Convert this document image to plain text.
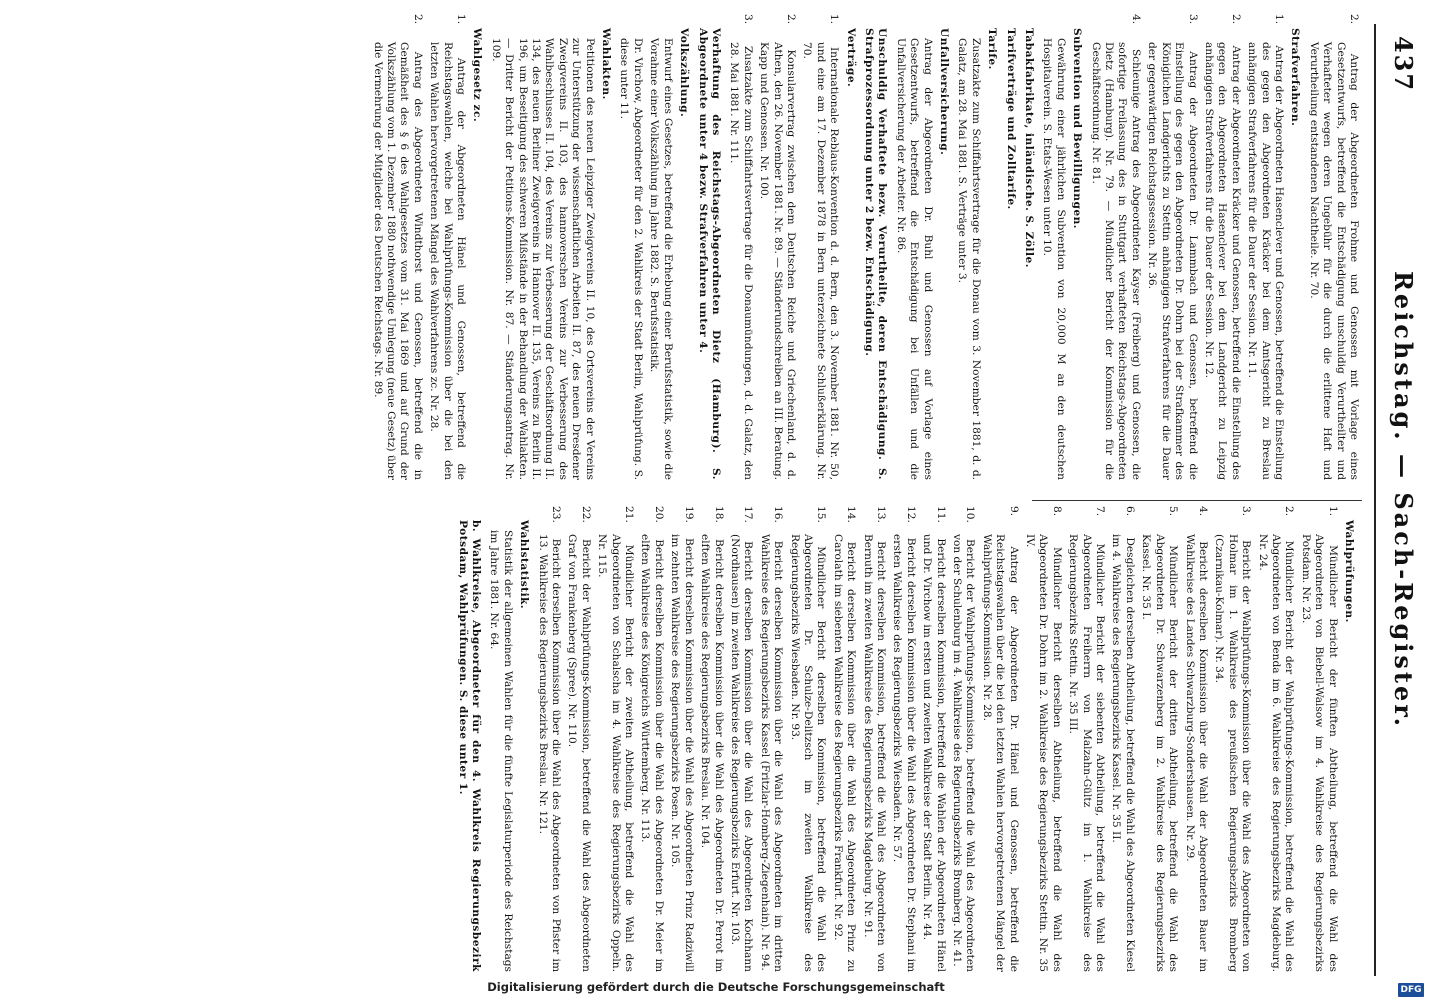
437
Reichstag. — Sach-Register.
Wahlprüfungen.
1. Mündlicher Bericht der fünften Abtheilung, betreffend die Wahl des Abgeordneten von Biebell-Walsow im 4. Wahlkreise des Regierungsbezirks Potsdam. Nr. 23.
2. Mündlicher Bericht der Wahlprüfungs-Kommission, betreffend die Wahl des Abgeordneten von Benda im 6. Wahlkreise des Regierungsbezirks Magdeburg. Nr. 24.
3. Bericht der Wahlprüfungs-Kommission über die Wahl des Abgeordneten von Holmar im 1. Wahlkreise des preußischen Regierungsbezirks Bromberg (Czarnikau-Kolmar). Nr. 34.
4. Bericht derselben Kommission über die Wahl der Abgeordneten Bauer im Wahlkreise des Landes Schwarzburg-Sondershausen. Nr. 29.
5. Mündlicher Bericht der dritten Abtheilung, betreffend die Wahl des Abgeordneten Dr. Schwarzenberg im 2. Wahlkreise des Regierungsbezirks Kassel. Nr. 35 I.
6. Desgleichen derselben Abtheilung, betreffend die Wahl des Abgeordneten Kiesel im 4. Wahlkreise des Regierungsbezirks Kassel. Nr. 35 II.
7. Mündlicher Bericht der siebenten Abtheilung, betreffend die Wahl des Abgeordneten Freiherrn von Malzahn-Gültz im 1. Wahlkreise des Regierungsbezirks Stettin. Nr. 35 III.
8. Mündlicher Bericht derselben Abtheilung, betreffend die Wahl des Abgeordneten Dr. Dohrn im 2. Wahlkreise des Regierungsbezirks Stettin. Nr. 35 IV.
9. Antrag der Abgeordneten Dr. Hänel und Genossen, betreffend die Reichstagswahlen über die bei den letzten Wahlen hervorgetretenen Mängel der Wahlprüfungs-Kommission. Nr. 28.
10. Bericht der Wahlprüfungs-Kommission, betreffend die Wahl des Abgeordneten von der Schulenburg im 4. Wahlkreise des Regierungsbezirks Bromberg. Nr. 41.
11. Bericht derselben Kommission, betreffend die Wahlen der Abgeordneten Hänel und Dr. Virchow im ersten und zweiten Wahlkreise der Stadt Berlin. Nr. 44.
12. Bericht derselben Kommission über die Wahl des Abgeordneten Dr. Stephani im ersten Wahlkreise des Regierungsbezirks Wiesbaden. Nr. 57.
13. Bericht derselben Kommission, betreffend die Wahl des Abgeordneten von Bernuth im zweiten Wahlkreise des Regierungsbezirks Magdeburg. Nr. 91.
14. Bericht derselben Kommission über die Wahl des Abgeordneten Prinz zu Carolath im siebenten Wahlkreise des Regierungsbezirks Frankfurt. Nr. 92.
15. Mündlicher Bericht derselben Kommission, betreffend die Wahl des Abgeordneten Dr. Schulze-Delitzsch im zweiten Wahlkreise des Regierungsbezirks Wiesbaden. Nr. 93.
16. Bericht derselben Kommission über die Wahl des Abgeordneten im dritten Wahlkreise des Regierungsbezirks Kassel (Fritzlar-Homberg-Ziegenhain). Nr. 94.
17. Bericht derselben Kommission über die Wahl des Abgeordneten Kochhann (Nordhausen) im zweiten Wahlkreise des Regierungsbezirks Erfurt. Nr. 103.
18. Bericht derselben Kommission über die Wahl des Abgeordneten Dr. Perrot im elften Wahlkreise des Regierungsbezirks Breslau. Nr. 104.
19. Bericht derselben Kommission über die Wahl des Abgeordneten Prinz Radziwill im zehnten Wahlkreise des Regierungsbezirks Posen. Nr. 105.
20. Bericht derselben Kommission über die Wahl des Abgeordneten Dr. Meier im elften Wahlkreise des Königreichs Württemberg. Nr. 113.
21. Mündlicher Bericht der zweiten Abtheilung, betreffend die Wahl des Abgeordneten von Schalscha im 4. Wahlkreise des Regierungsbezirks Oppeln. Nr. 115.
22. Bericht der Wahlprüfungs-Kommission, betreffend die Wahl des Abgeordneten Graf von Frankenberg (Spree). Nr. 110.
23. Bericht derselben Kommission über die Wahl des Abgeordneten von Pfister im 13. Wahlkreise des Regierungsbezirks Breslau. Nr. 121.
Wahlstatistik.
Statistik der allgemeinen Wahlen für die fünfte Legislaturperiode des Reichstags im Jahre 1881. Nr. 64.
b. Wahlkreise, Abgeordneter für den 4. Wahlkreis Regierungsbezirk Potsdam, Wahlprüfungen. S. diese unter 1.
2. Antrag der Abgeordneten Frohme und Genossen mit Vorlage eines Gesetzentwurfs, betreffend die Entschädigung unschuldig Verurtheilter und Verhafteter wegen deren Ungebühr für die durch die erlittene Haft und Verurtheilung entstandenen Nachtheile. Nr. 70.
Strafverfahren.
1. Antrag der Abgeordneten Hasenclever und Genossen, betreffend die Einstellung des gegen den Abgeordneten Kräcker bei dem Amtsgericht zu Breslau anhängigen Strafverfahrens für die Dauer der Session. Nr. 11.
2. Antrag der Abgeordneten Kräcker und Genossen, betreffend die Einstellung des gegen den Abgeordneten Hasenclever bei dem Landgericht zu Leipzig anhängigen Strafverfahrens für die Dauer der Session. Nr. 12.
3. Antrag der Abgeordneten Dr. Lammbach und Genossen, betreffend die Einstellung des gegen den Abgeordneten Dr. Dohrn bei der Strafkammer des Königlichen Landgerichts zu Stettin anhängigen Strafverfahrens für die Dauer der gegenwärtigen Reichstagssession. Nr. 36.
4. Schleunige Antrag des Abgeordneten Kayser (Freiberg) und Genossen, die sofortige Freilassung des in Stuttgart verhafteten Reichstags-Abgeordneten Dietz (Hamburg). Nr. 79. — Mündlicher Bericht der Kommission für die Geschäftsordnung. Nr. 81.
Subvention und Bewilligungen.
Gewährung einer jährlichen Subvention von 20,000 M an den deutschen Hospitalverein. S. Etats-Wesen unter 10.
Tabakfabrikate, inländische. S. Zölle.
Tarifverträge und Zolltarife.
Tarife.
Zusatzakte zum Schiffahrtsvertrage für die Donau vom 3. November 1881, d. d. Galatz, am 28. Mai 1881. S. Verträge unter 3.
Unfallversicherung.
Antrag der Abgeordneten Dr. Buhl und Genossen auf Vorlage eines Gesetzentwurfs, betreffend die Entschädigung bei Unfällen und die Unfallversicherung der Arbeiter. Nr. 86.
Unschuldig Verhaftete bezw. Verurtheilte, deren Entschädigung. S. Strafprozessordnung unter 2 bezw. Entschädigung.
Verträge.
1. Internationale Reblaus-Konvention d. d. Bern, den 3. November 1881. Nr. 50, und eine am 17. Dezember 1878 in Bern unterzeichnete Schlußerklärung. Nr. 70.
2. Konsularvertrag zwischen dem Deutschen Reiche und Griechenland, d. d. Athen, den 26. November 1881. Nr. 89. — Ständerundschreiben an III. Beratung. Kapp und Genossen. Nr. 100.
3. Zusatzakte zum Schiffahrtsvertrage für die Donaumündungen, d. d. Galatz, den 28. Mai 1881. Nr. 111.
Verhaftung des Reichstags-Abgeordneten Dietz (Hamburg). S. Abgeordnete unter 4 bezw. Strafverfahren unter 4.
Volkszählung.
Entwurf eines Gesetzes, betreffend die Erhebung einer Berufsstatistik, sowie die Vorahme einer Volkszählung im Jahre 1882. S. Berufsstatistik.
Dr. Virchow, Abgeordneter für den 2. Wahlkreis der Stadt Berlin, Wahlprüfung. S. diese unter 11.
Wahlakten.
Petitionen des neuen Leipziger Zweigvereins II. 10, des Ortsvereins der Vereins zur Unterstützung der wissenschaftlichen Arbeiten II. 87, des neuen Dresdener Zweigvereins II. 103, des hannoverschen Vereins zur Verbesserung des Wahlbeschlusses II. 104, des Vereins zur Verbesserung der Geschäftsordnung II. 134, des neuen Berliner Zweigvereins in Hannover II. 135, Vereins zu Berlin II. 196, um Beseitigung des schweren Mißstände in der Behandlung der Wahlakten. — Dritter Bericht der Petitions-Kommission. Nr. 87. — Ständerungsantrag. Nr. 109.
Wahlgesetz zc.
1. Antrag der Abgeordneten Hänel und Genossen, betreffend die Reichstagswahlen, welche bei Wahlprüfungs-Kommission über die bei den letzten Wahlen hervorgetretenen Mängel des Wahlverfahrens zc. Nr. 28.
2. Antrag des Abgeordneten Windthorst und Genossen, betreffend die in Gemäßheit des § 6 des Wahlgesetzes vom 31. Mai 1869 und auf Grund der Volkszählung vom 1. Dezember 1880 nothwendige Umlegung (neue Gesetz) über die Vermehrung der Mitglieder des Deutschen Reichstags. Nr. 89.
Digitalisierung gefördert durch die Deutsche Forschungsgemeinschaft	DFG
